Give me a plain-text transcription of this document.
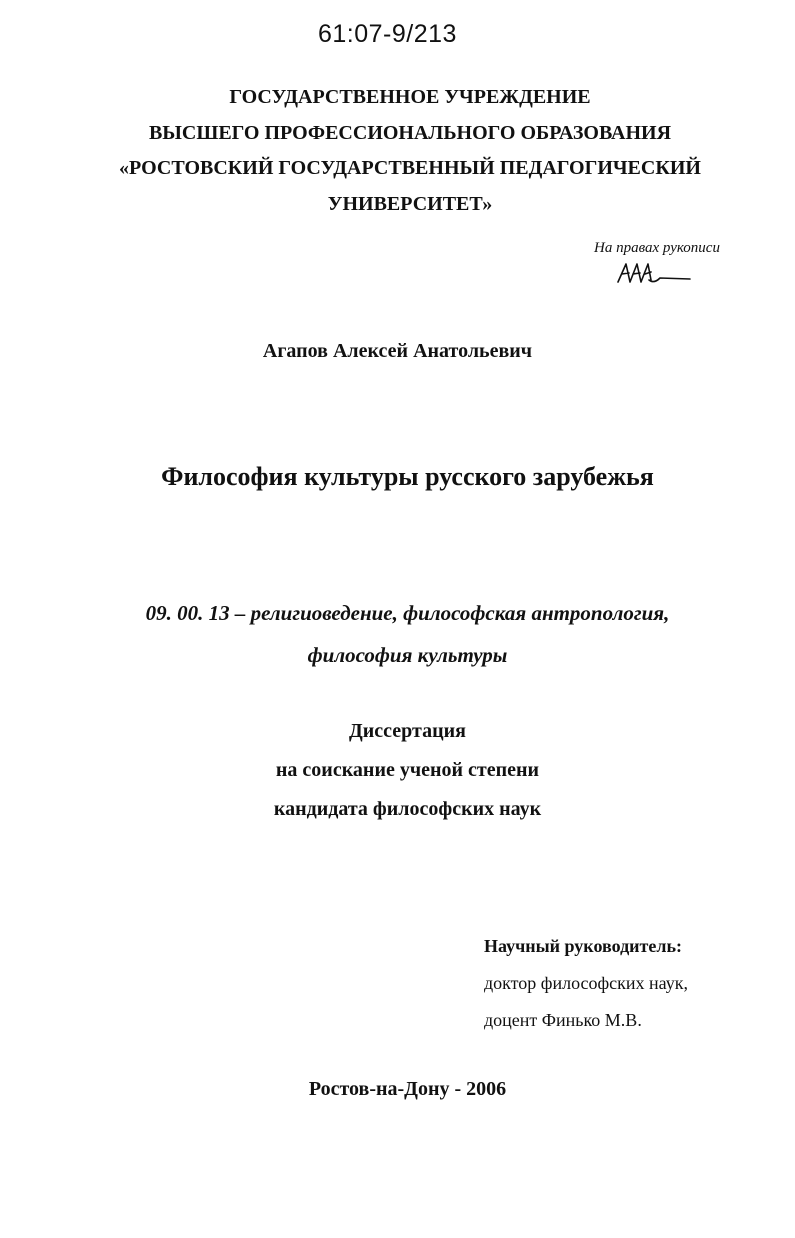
61:07-9/213
ГОСУДАРСТВЕННОЕ УЧРЕЖДЕНИЕ
ВЫСШЕГО ПРОФЕССИОНАЛЬНОГО ОБРАЗОВАНИЯ
«РОСТОВСКИЙ ГОСУДАРСТВЕННЫЙ ПЕДАГОГИЧЕСКИЙ
УНИВЕРСИТЕТ»
На правах рукописи
Агапов Алексей Анатольевич
Философия культуры русского зарубежья
09. 00. 13 – религиоведение, философская антропология,
философия культуры
Диссертация
на соискание ученой степени
кандидата философских наук
Научный руководитель:
доктор философских наук,
доцент Финько М.В.
Ростов-на-Дону - 2006
